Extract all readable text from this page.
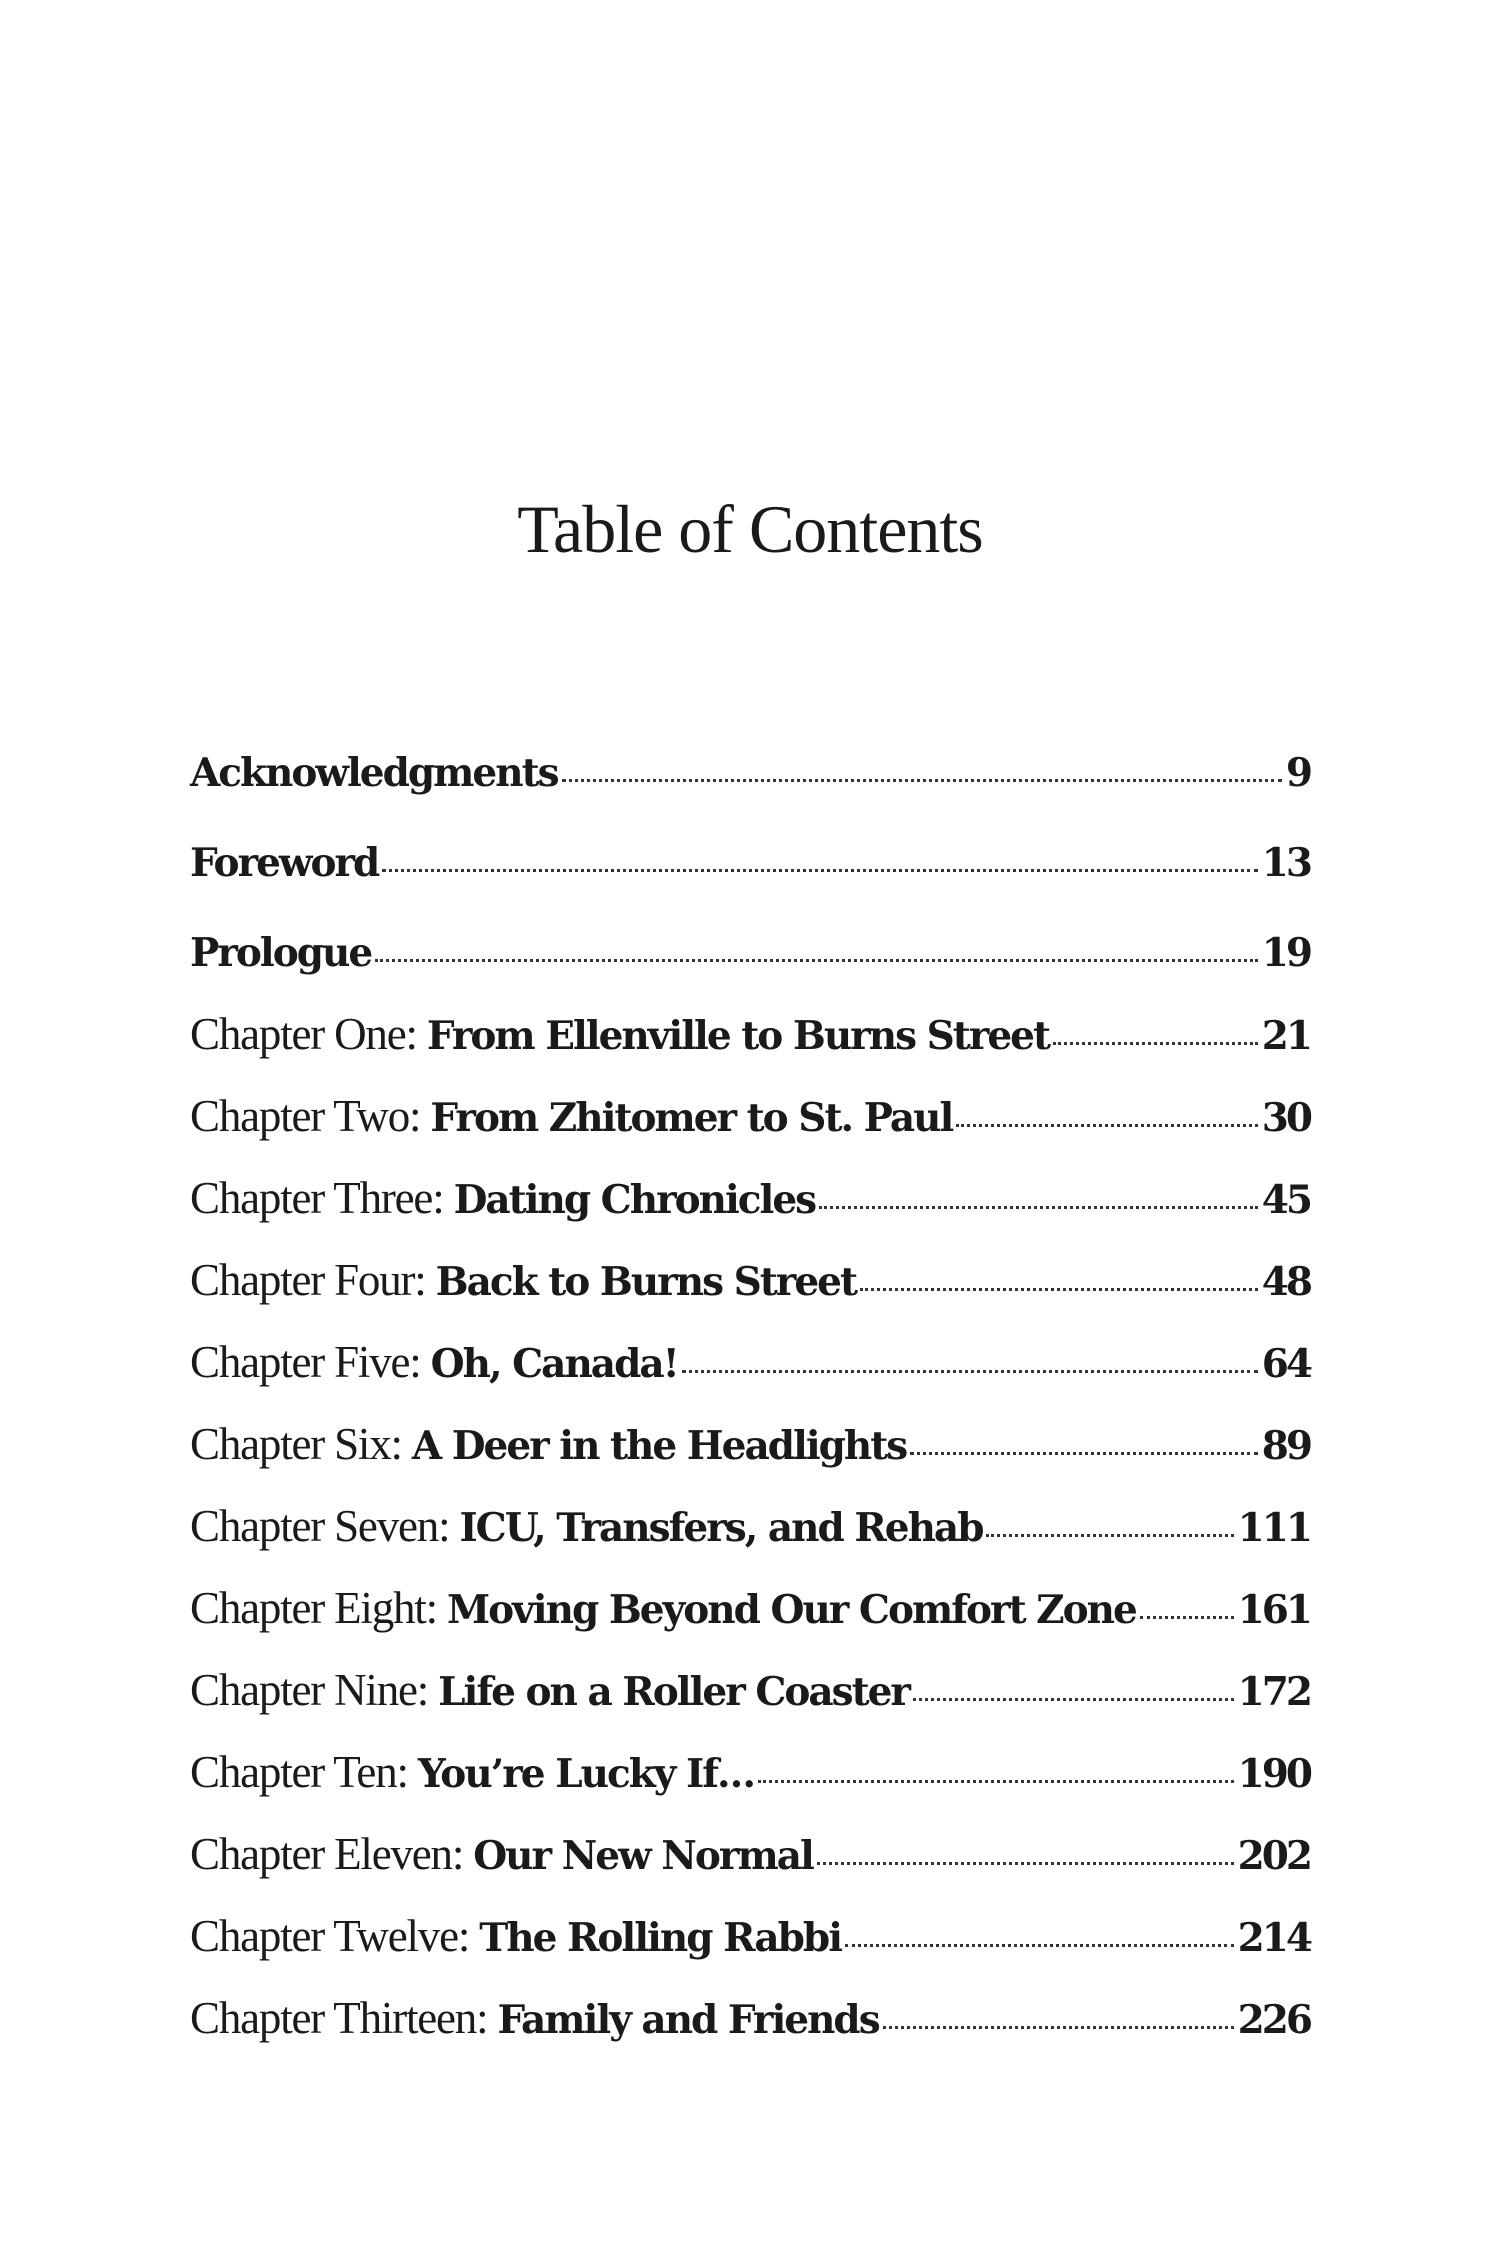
Table of Contents
Acknowledgments	9
Foreword	13
Prologue	19
Chapter One: From Ellenville to Burns Street	21
Chapter Two: From Zhitomer to St. Paul	30
Chapter Three: Dating Chronicles	45
Chapter Four: Back to Burns Street	48
Chapter Five: Oh, Canada!	64
Chapter Six: A Deer in the Headlights	89
Chapter Seven: ICU, Transfers, and Rehab	111
Chapter Eight: Moving Beyond Our Comfort Zone	161
Chapter Nine: Life on a Roller Coaster	172
Chapter Ten: You’re Lucky If…	190
Chapter Eleven: Our New Normal	202
Chapter Twelve: The Rolling Rabbi	214
Chapter Thirteen: Family and Friends	226
